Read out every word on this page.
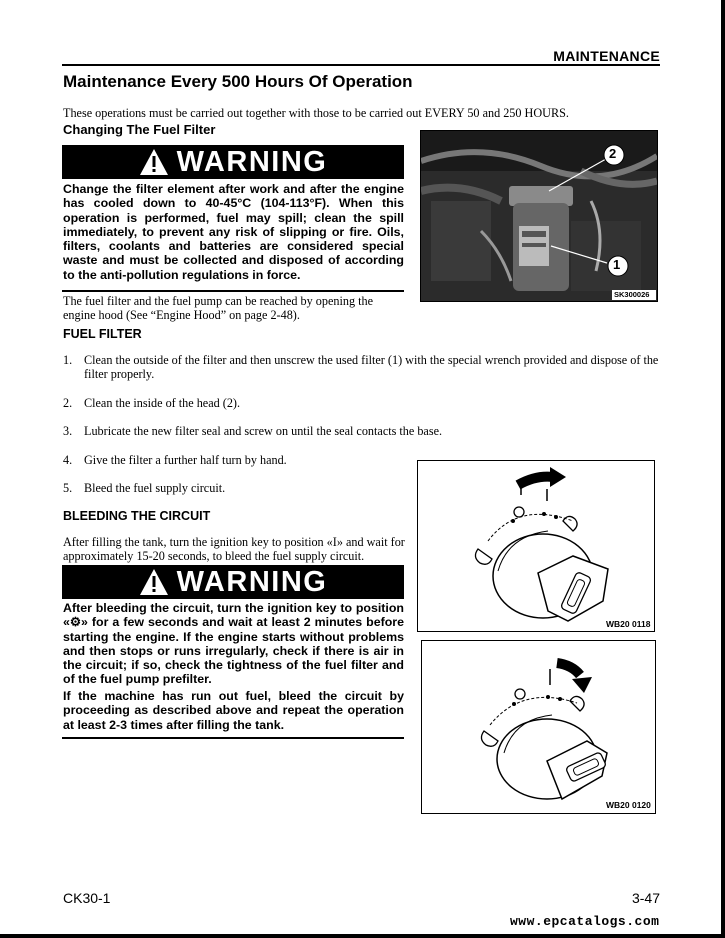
MAINTENANCE
Maintenance Every 500 Hours Of Operation
These operations must be carried out together with those to be carried out EVERY 50 and 250 HOURS.
Changing The Fuel Filter
WARNING
Change the filter element after work and after the engine has cooled down to 40-45°C (104-113°F). When this operation is performed, fuel may spill; clean the spill immediately, to prevent any risk of slipping or fire. Oils, filters, coolants and batteries are considered special waste and must be collected and disposed of according to the anti-pollution regulations in force.
2
1
SK300026
The fuel filter and the fuel pump can be reached by opening the engine hood (See “Engine Hood” on page 2-48).
FUEL FILTER
1. Clean the outside of the filter and then unscrew the used filter (1) with the special wrench provided and dispose of the
filter properly.
2. Clean the inside of the head (2).
3. Lubricate the new filter seal and screw on until the seal contacts the base.
4. Give the filter a further half turn by hand.
5. Bleed the fuel supply circuit.
BLEEDING THE CIRCUIT
After filling the tank, turn the ignition key to position «I» and wait for
approximately 15-20 seconds, to bleed the fuel supply circuit.
WARNING
After bleeding the circuit, turn the ignition key to position «⚙» for a few seconds and wait at least 2 minutes before starting the engine. If the engine starts without problems and then stops or runs irregularly, check if there is air in the circuit; if so, check the tightness of the fuel filter and of the fuel pump prefilter.
If the machine has run out fuel, bleed the circuit by proceeding as described above and repeat the operation at least 2-3 times after filling the tank.
WB20 0118
WB20 0120
CK30-1	3-47
www.epcatalogs.com
